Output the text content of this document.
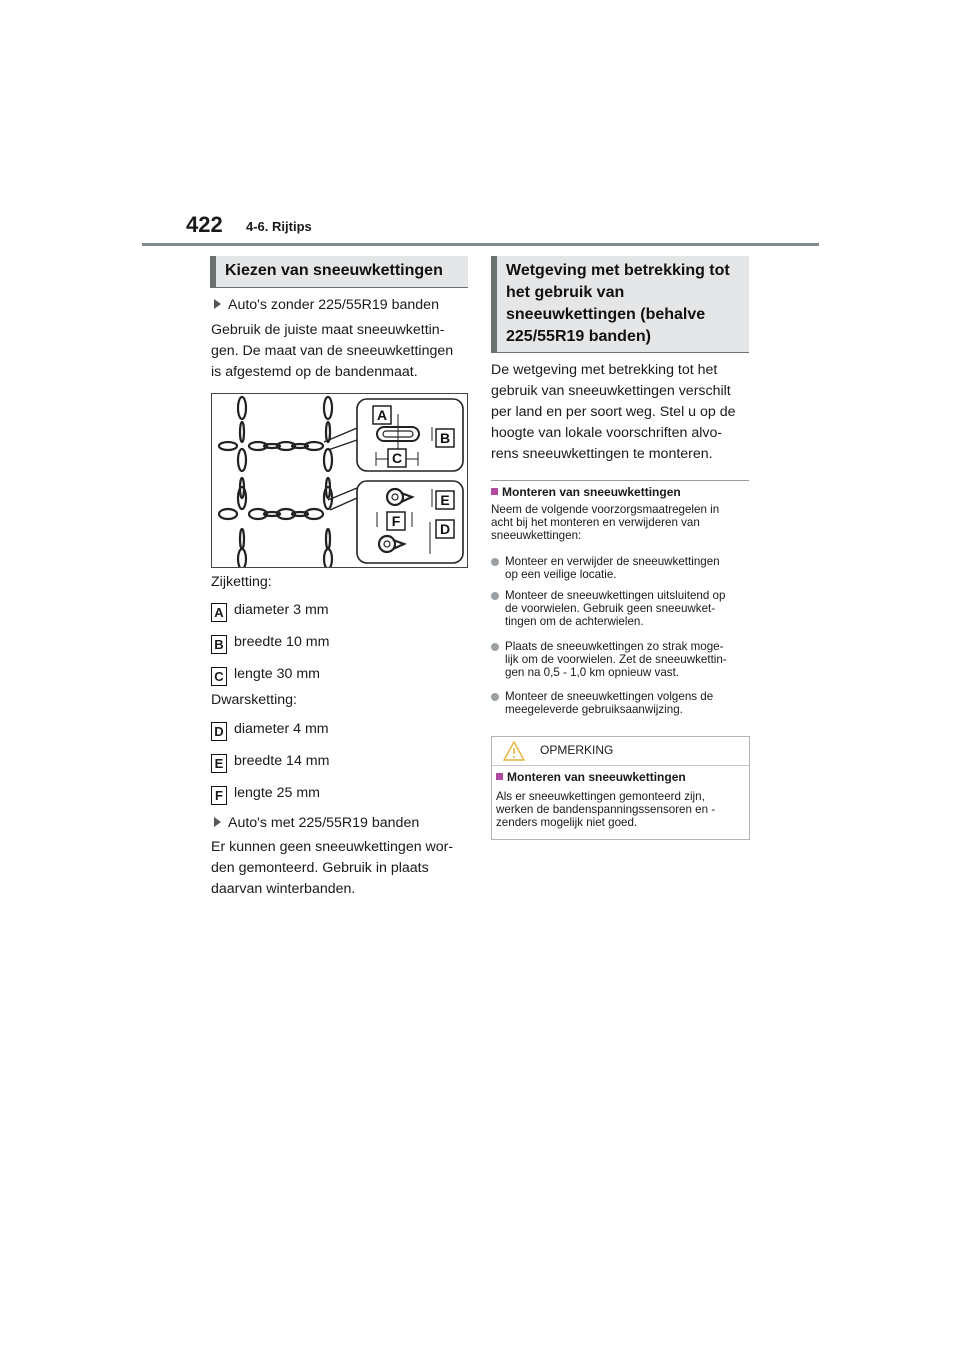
422 4-6. Rijtips
Kiezen van sneeuwkettingen
Auto's zonder 225/55R19 banden
Gebruik de juiste maat sneeuwkettin-
gen. De maat van de sneeuwkettingen
is afgestemd op de bandenmaat.
A
B
C
E
F	D
Zijketting:
A diameter 3 mm
B breedte 10 mm
C lengte 30 mm
Dwarsketting:
D diameter 4 mm
E breedte 14 mm
F lengte 25 mm
Auto's met 225/55R19 banden
Er kunnen geen sneeuwkettingen wor-
den gemonteerd. Gebruik in plaats
daarvan winterbanden.
Wetgeving met betrekking tot
het gebruik van
sneeuwkettingen (behalve
225/55R19 banden)
De wetgeving met betrekking tot het
gebruik van sneeuwkettingen verschilt
per land en per soort weg. Stel u op de
hoogte van lokale voorschriften alvo-
rens sneeuwkettingen te monteren.
Monteren van sneeuwkettingen
Neem de volgende voorzorgsmaatregelen in
acht bij het monteren en verwijderen van
sneeuwkettingen:
Monteer en verwijder de sneeuwkettingen
op een veilige locatie.
Monteer de sneeuwkettingen uitsluitend op
de voorwielen. Gebruik geen sneeuwket-
tingen om de achterwielen.
Plaats de sneeuwkettingen zo strak moge-
lijk om de voorwielen. Zet de sneeuwkettin-
gen na 0,5 - 1,0 km opnieuw vast.
Monteer de sneeuwkettingen volgens de
meegeleverde gebruiksaanwijzing.
OPMERKING
Monteren van sneeuwkettingen
Als er sneeuwkettingen gemonteerd zijn,
werken de bandenspanningssensoren en -
zenders mogelijk niet goed.
